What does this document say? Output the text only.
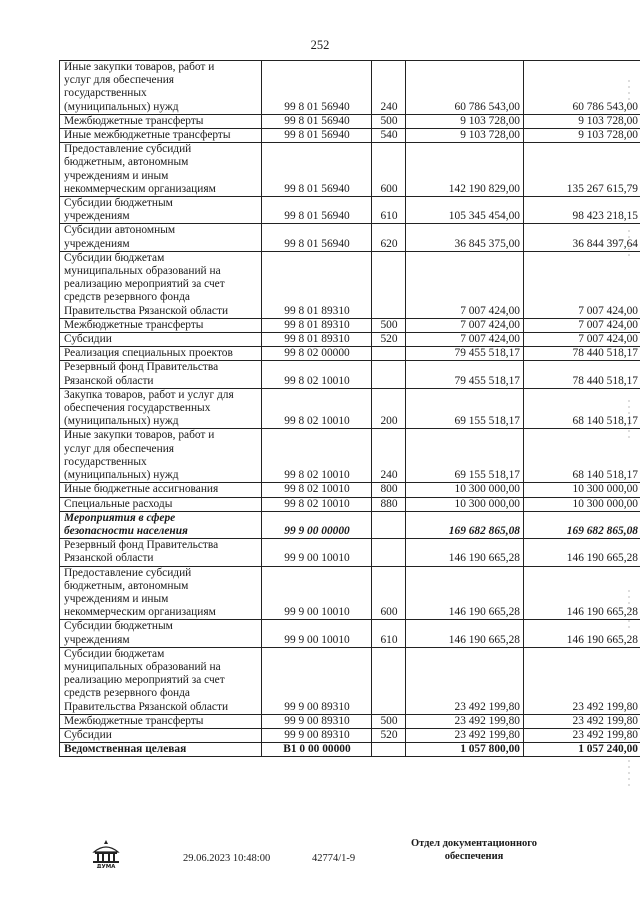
252
Иные закупки товаров, работ и
услуг для обеспечения
государственных
(муниципальных) нужд	99 8 01 56940	240	60 786 543,00	60 786 543,00
Межбюджетные трансферты	99 8 01 56940	500	9 103 728,00	9 103 728,00
Иные межбюджетные трансферты	99 8 01 56940	540	9 103 728,00	9 103 728,00
Предоставление субсидий
бюджетным, автономным
учреждениям и иным
некоммерческим организациям	99 8 01 56940	600	142 190 829,00	135 267 615,79
Субсидии бюджетным
учреждениям	99 8 01 56940	610	105 345 454,00	98 423 218,15
Субсидии автономным
учреждениям	99 8 01 56940	620	36 845 375,00	36 844 397,64
Субсидии бюджетам
муниципальных образований на
реализацию мероприятий за счет
средств резервного фонда
Правительства Рязанской области	99 8 01 89310		7 007 424,00	7 007 424,00
Межбюджетные трансферты	99 8 01 89310	500	7 007 424,00	7 007 424,00
Субсидии	99 8 01 89310	520	7 007 424,00	7 007 424,00
Реализация специальных проектов	99 8 02 00000		79 455 518,17	78 440 518,17
Резервный фонд Правительства
Рязанской области	99 8 02 10010		79 455 518,17	78 440 518,17
Закупка товаров, работ и услуг для
обеспечения государственных
(муниципальных) нужд	99 8 02 10010	200	69 155 518,17	68 140 518,17
Иные закупки товаров, работ и
услуг для обеспечения
государственных
(муниципальных) нужд	99 8 02 10010	240	69 155 518,17	68 140 518,17
Иные бюджетные ассигнования	99 8 02 10010	800	10 300 000,00	10 300 000,00
Специальные расходы	99 8 02 10010	880	10 300 000,00	10 300 000,00
Мероприятия в сфере
безопасности населения	99 9 00 00000		169 682 865,08	169 682 865,08
Резервный фонд Правительства
Рязанской области	99 9 00 10010		146 190 665,28	146 190 665,28
Предоставление субсидий
бюджетным, автономным
учреждениям и иным
некоммерческим организациям	99 9 00 10010	600	146 190 665,28	146 190 665,28
Субсидии бюджетным
учреждениям	99 9 00 10010	610	146 190 665,28	146 190 665,28
Субсидии бюджетам
муниципальных образований на
реализацию мероприятий за счет
средств резервного фонда
Правительства Рязанской области	99 9 00 89310		23 492 199,80	23 492 199,80
Межбюджетные трансферты	99 9 00 89310	500	23 492 199,80	23 492 199,80
Субсидии	99 9 00 89310	520	23 492 199,80	23 492 199,80
Ведомственная целевая	В1 0 00 00000		1 057 800,00	1 057 240,00
ДУМА
29.06.2023 10:48:00	42774/1-9
Отдел документационного
обеспечения
